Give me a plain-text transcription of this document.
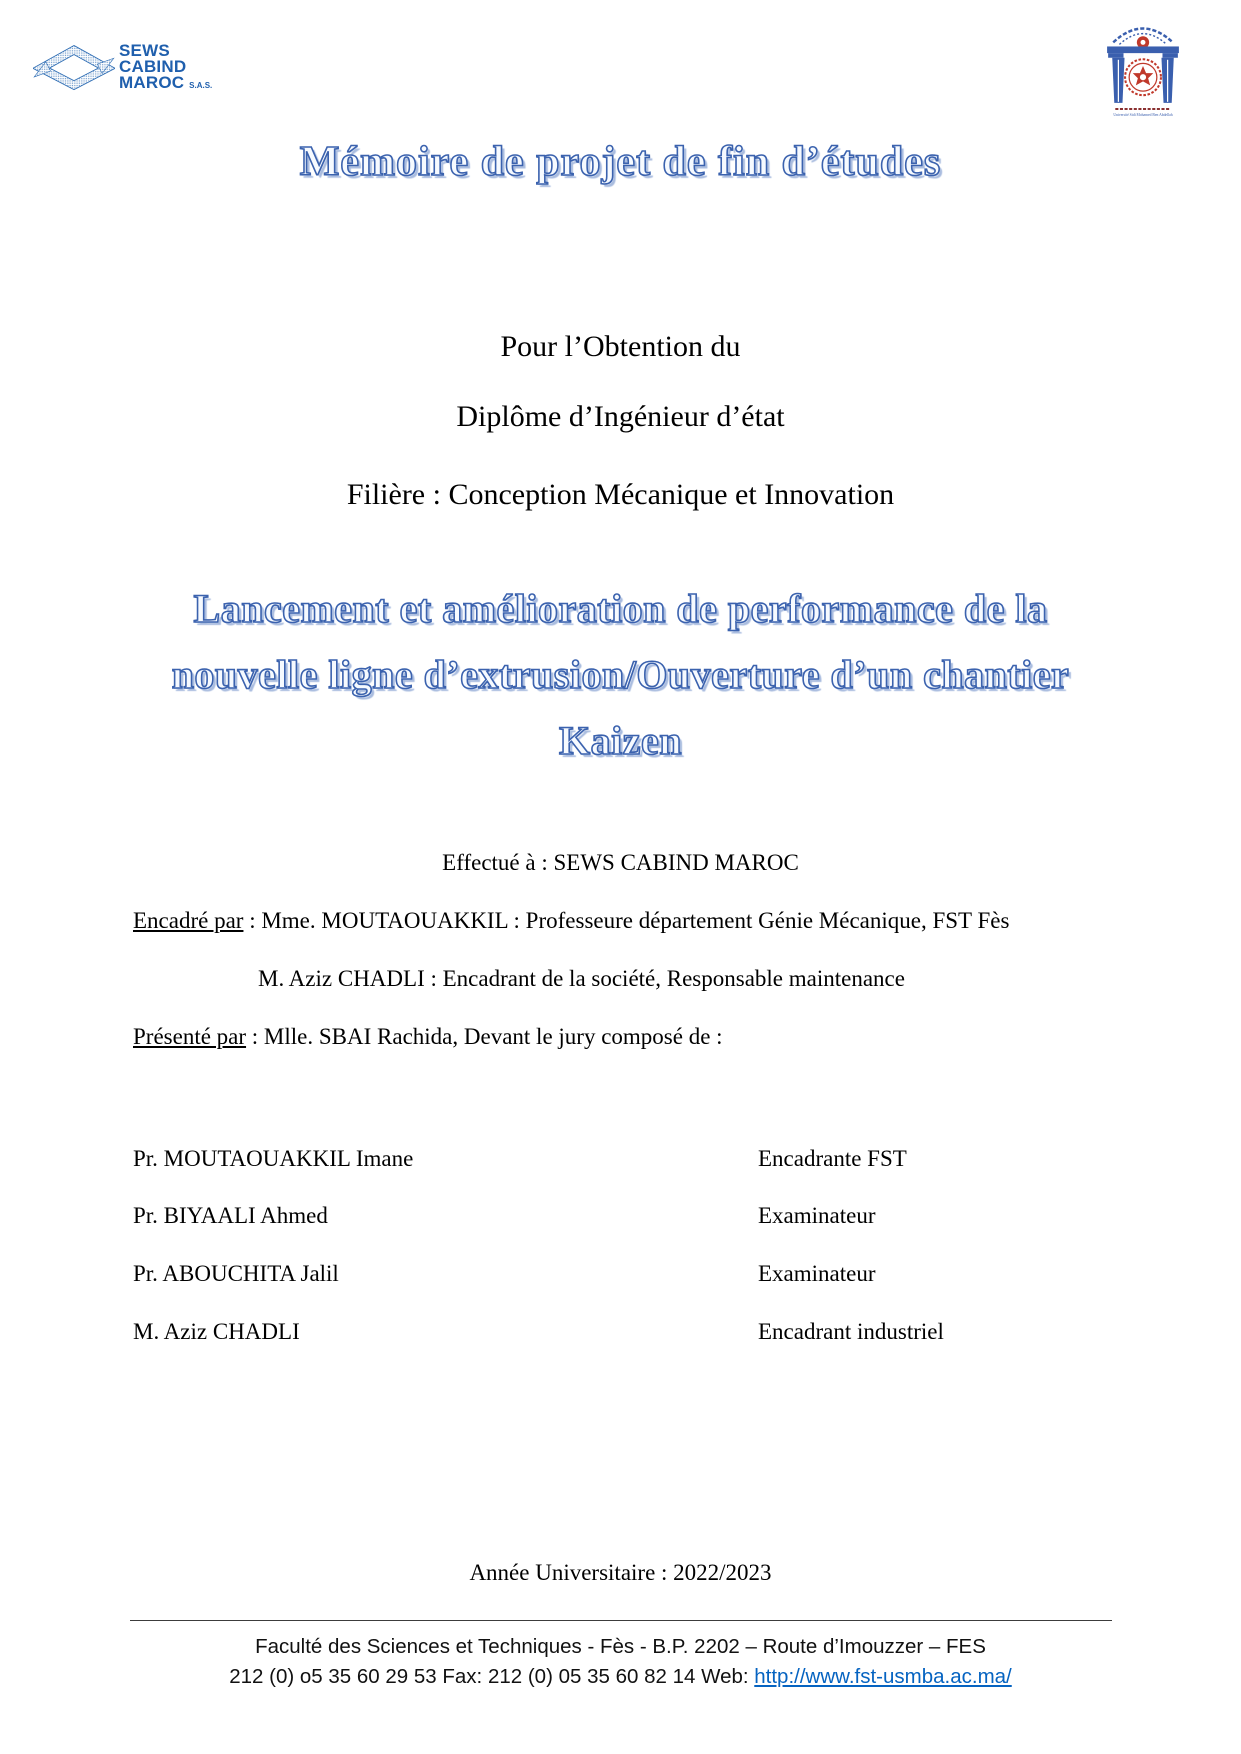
SEWS
CABIND
MAROC S.A.S.
Université Sidi Mohamed Ben Abdellah
Mémoire de projet de fin d’études
Pour l’Obtention du
Diplôme d’Ingénieur d’état
Filière : Conception Mécanique et Innovation
Lancement et amélioration de performance de la
nouvelle ligne d’extrusion/Ouverture d’un chantier
Kaizen
Effectué à : SEWS CABIND MAROC
Encadré par : Mme. MOUTAOUAKKIL : Professeure département Génie Mécanique, FST Fès
M. Aziz CHADLI : Encadrant de la société, Responsable maintenance
Présenté par : Mlle. SBAI Rachida, Devant le jury composé de :
Pr. MOUTAOUAKKIL Imane	Encadrante FST
Pr. BIYAALI Ahmed	Examinateur
Pr. ABOUCHITA Jalil	Examinateur
M. Aziz CHADLI	Encadrant industriel
Année Universitaire : 2022/2023
Faculté des Sciences et Techniques - Fès - B.P. 2202 – Route d’Imouzzer – FES
212 (0) o5 35 60 29 53 Fax: 212 (0) 05 35 60 82 14 Web: http://www.fst-usmba.ac.ma/
